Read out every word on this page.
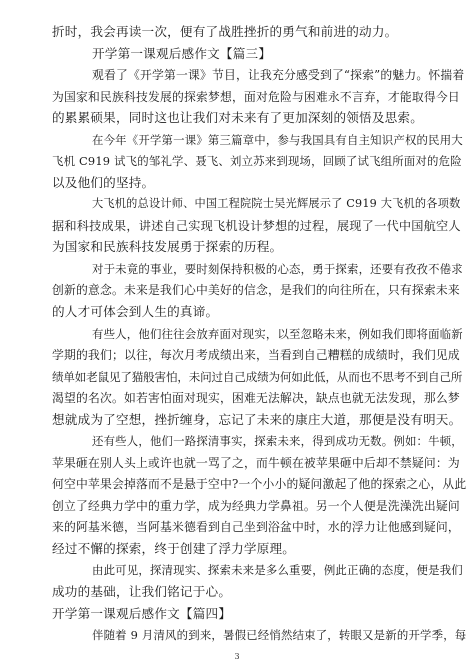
折时，我会再读一次，便有了战胜挫折的勇气和前进的动力。
开学第一课观后感作文【篇三】
观看了《开学第一课》节目，让我充分感受到了“探索”的魅力。怀揣着
为国家和民族科技发展的探索梦想，面对危险与困难永不言弃，才能取得今日
的累累硕果，同时这也让我们对未来有了更加深刻的领悟及思索。
在今年《开学第一课》第三篇章中，参与我国具有自主知识产权的民用大
飞机 C919 试飞的邹礼学、聂飞、刘立苏来到现场，回顾了试飞组所面对的危险
以及他们的坚持。
大飞机的总设计师、中国工程院院士吴光辉展示了 C919 大飞机的各项数
据和科技成果，讲述自己实现飞机设计梦想的过程，展现了一代中国航空人
为国家和民族科技发展勇于探索的历程。
对于未竟的事业，要时刻保持积极的心态，勇于探索，还要有孜孜不倦求
创新的意念。未来是我们心中美好的信念，是我们的向往所在，只有探索未来
的人才可体会到人生的真谛。
有些人，他们往往会放弃面对现实，以至忽略未来，例如我们即将面临新
学期的我们；以往，每次月考成绩出来，当看到自己糟糕的成绩时，我们见成
绩单如老鼠见了猫般害怕，未问过自己成绩为何如此低，从而也不思考不到自己所
渴望的名次。如若害怕面对现实，困难无法解决，缺点也就无法发现，那么梦
想就成为了空想，挫折缠身，忘记了未来的康庄大道，那便是没有明天。
还有些人，他们一路探清事实，探索未来，得到成功无数。例如：牛顿，
苹果砸在别人头上或许也就一骂了之，而牛顿在被苹果砸中后却不禁疑问：为
何空中苹果会掉落而不是悬于空中?一个小小的疑问激起了他的探索之心，从此
创立了经典力学中的重力学，成为经典力学鼻祖。另一个人便是洗澡洗出疑问
来的阿基米德，当阿基米德看到自己坐到浴盆中时，水的浮力让他感到疑问，
经过不懈的探索，终于创建了浮力学原理。
由此可见，探清现实、探索未来是多么重要，例此正确的态度，便是我们
成功的基础，让我们铭记于心。
开学第一课观后感作文【篇四】
伴随着 9 月清风的到来，暑假已经悄然结束了，转眼又是新的开学季，每
3
